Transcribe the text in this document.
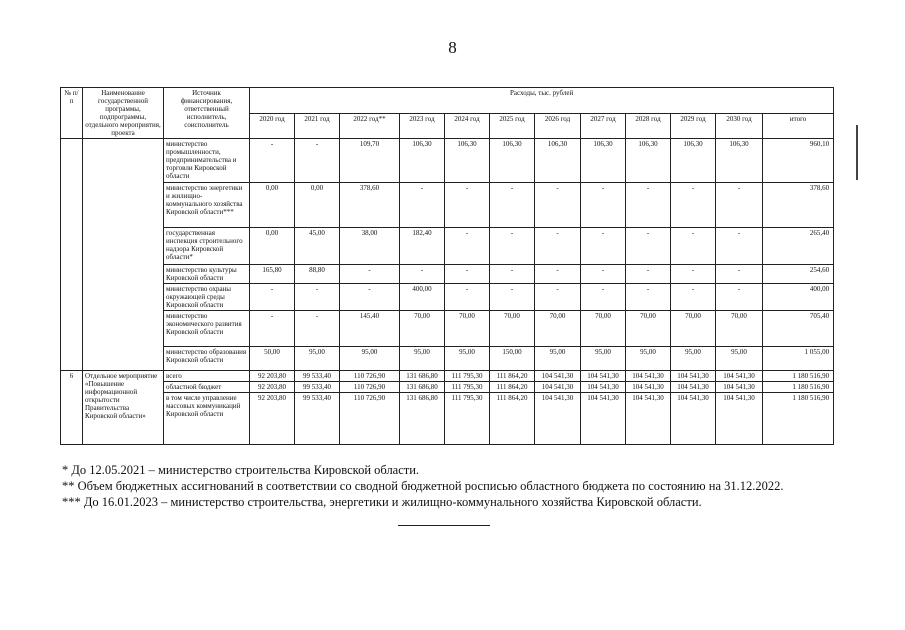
8
№ п/п	Наименование государственной программы, подпрограммы, отдельного мероприятия, проекта	Источник финансирования, ответственный исполнитель, соисполнитель	Расходы, тыс. рублей											
			2020 год	2021 год	2022 год**	2023 год	2024 год	2025 год	2026 год	2027 год	2028 год	2029 год	2030 год	итого
		министерство промышленности, предпринимательства и торговли Кировской области	-	-	109,70	106,30	106,30	106,30	106,30	106,30	106,30	106,30	106,30	960,10
		министерство энергетики и жилищно-коммунального хозяйства Кировской области***	0,00	0,00	378,60	-	-	-	-	-	-	-	-	378,60
		государственная инспекция строительного надзора Кировской области*	0,00	45,00	38,00	182,40	-	-	-	-	-	-	-	265,40
		министерство культуры Кировской области	165,80	88,80	-	-	-	-	-	-	-	-	-	254,60
		министерство охраны окружающей среды Кировской области	-	-	-	400,00	-	-	-	-	-	-	-	400,00
		министерство экономического развития Кировской области	-	-	145,40	70,00	70,00	70,00	70,00	70,00	70,00	70,00	70,00	705,40
		министерство образования Кировской области	50,00	95,00	95,00	95,00	95,00	150,00	95,00	95,00	95,00	95,00	95,00	1 055,00
6	Отдельное мероприятие «Повышение информационной открытости Правительства Кировской области»	всего	92 203,80	99 533,40	110 726,90	131 686,80	111 795,30	111 864,20	104 541,30	104 541,30	104 541,30	104 541,30	104 541,30	1 180 516,90
		областной бюджет	92 203,80	99 533,40	110 726,90	131 686,80	111 795,30	111 864,20	104 541,30	104 541,30	104 541,30	104 541,30	104 541,30	1 180 516,90
		в том числе управление массовых коммуникаций Кировской области	92 203,80	99 533,40	110 726,90	131 686,80	111 795,30	111 864,20	104 541,30	104 541,30	104 541,30	104 541,30	104 541,30	1 180 516,90
* До 12.05.2021 – министерство строительства Кировской области.
** Объем бюджетных ассигнований в соответствии со сводной бюджетной росписью областного бюджета по состоянию на 31.12.2022.
*** До 16.01.2023 – министерство строительства, энергетики и жилищно-коммунального хозяйства Кировской области.
